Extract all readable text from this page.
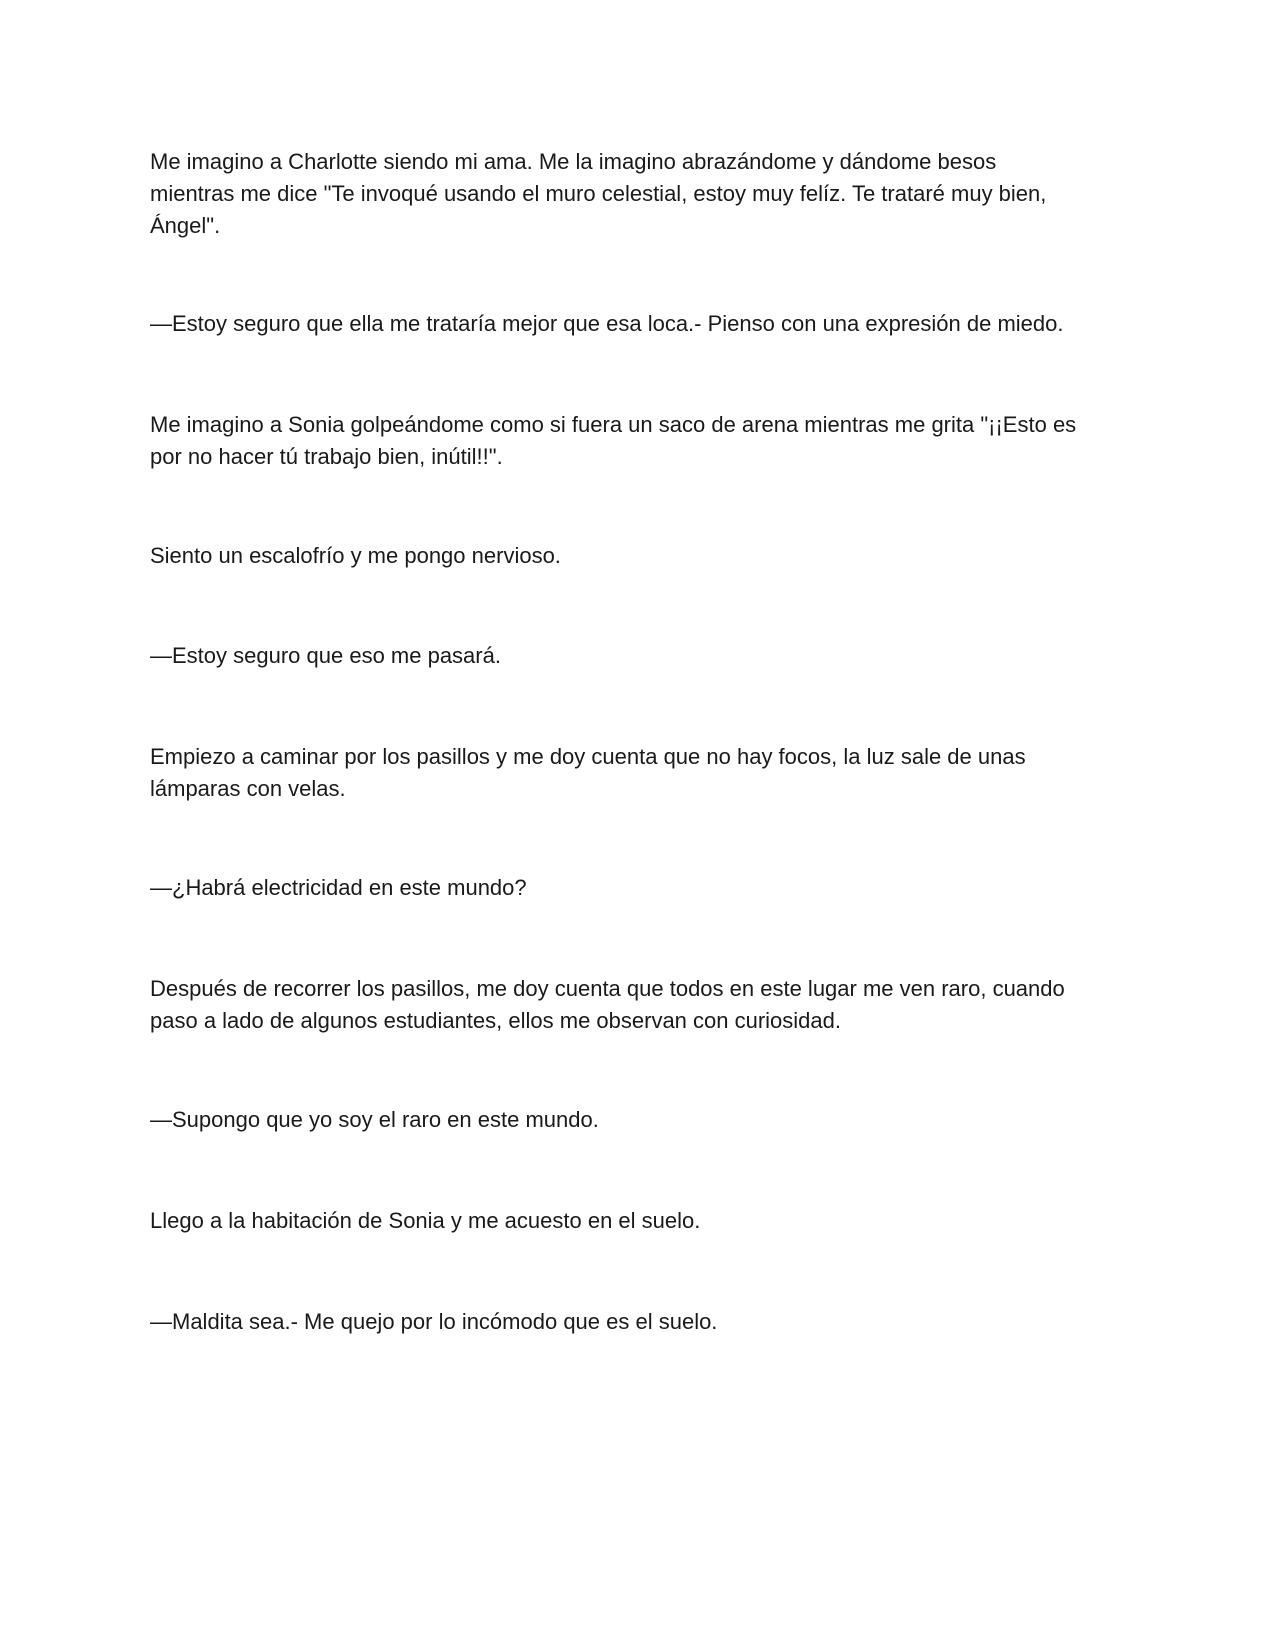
Me imagino a Charlotte siendo mi ama. Me la imagino abrazándome y dándome besos
mientras me dice "Te invoqué usando el muro celestial, estoy muy felíz. Te trataré muy bien,
Ángel".

—Estoy seguro que ella me trataría mejor que esa loca.- Pienso con una expresión de miedo.

Me imagino a Sonia golpeándome como si fuera un saco de arena mientras me grita "¡¡Esto es
por no hacer tú trabajo bien, inútil!!".

Siento un escalofrío y me pongo nervioso.

—Estoy seguro que eso me pasará.

Empiezo a caminar por los pasillos y me doy cuenta que no hay focos, la luz sale de unas
lámparas con velas.

—¿Habrá electricidad en este mundo?

Después de recorrer los pasillos, me doy cuenta que todos en este lugar me ven raro, cuando
paso a lado de algunos estudiantes, ellos me observan con curiosidad.

—Supongo que yo soy el raro en este mundo.

Llego a la habitación de Sonia y me acuesto en el suelo.

—Maldita sea.- Me quejo por lo incómodo que es el suelo.
